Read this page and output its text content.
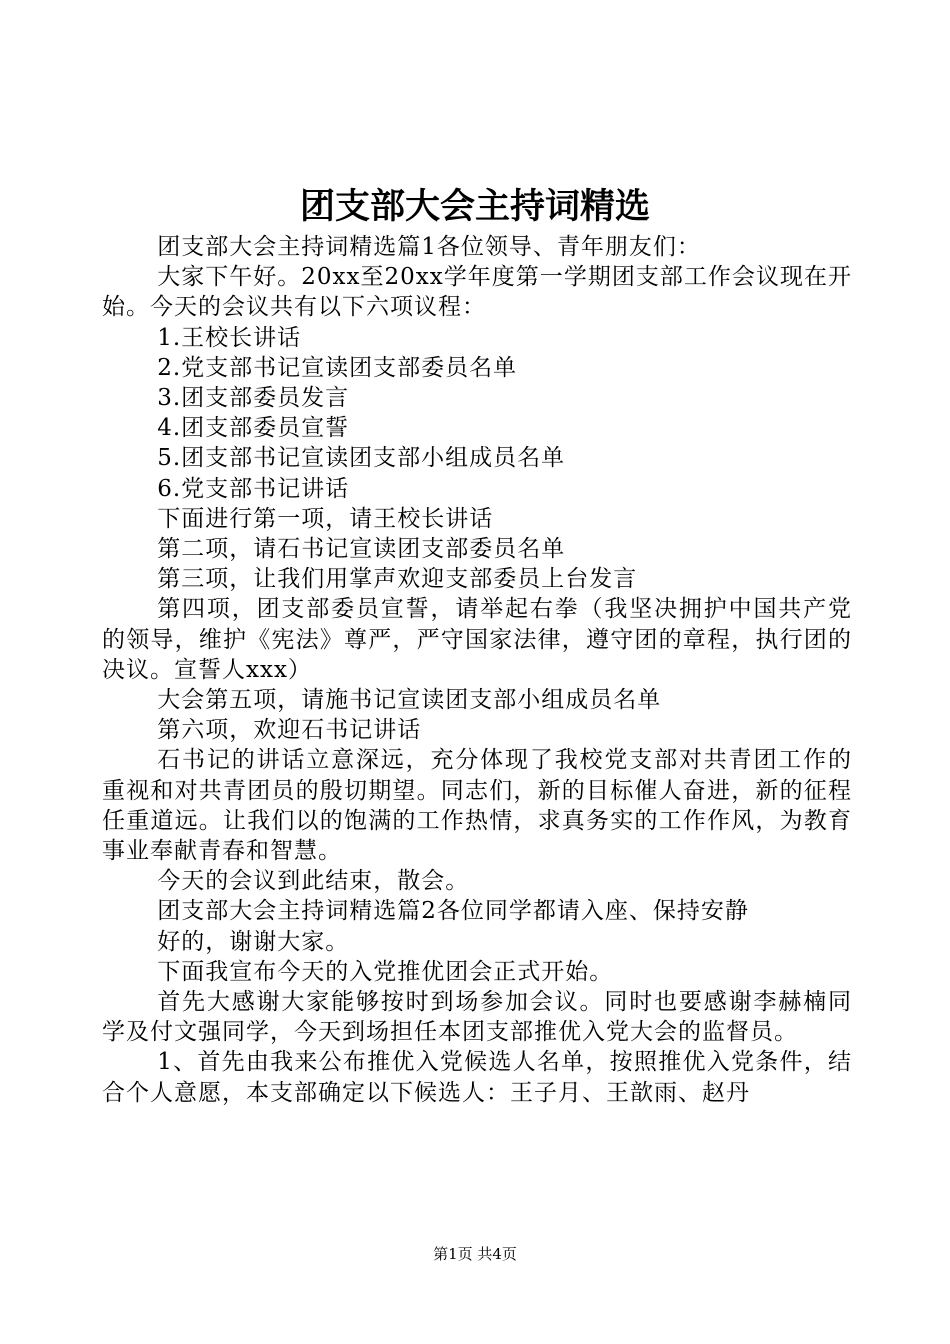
团支部大会主持词精选

团支部大会主持词精选篇1各位领导、青年朋友们：

大家下午好。20xx至20xx学年度第一学期团支部工作会议现在开始。今天的会议共有以下六项议程：

1.王校长讲话

2.党支部书记宣读团支部委员名单

3.团支部委员发言

4.团支部委员宣誓

5.团支部书记宣读团支部小组成员名单

6.党支部书记讲话

下面进行第一项，请王校长讲话

第二项，请石书记宣读团支部委员名单

第三项，让我们用掌声欢迎支部委员上台发言

第四项，团支部委员宣誓，请举起右拳（我坚决拥护中国共产党的领导，维护《宪法》尊严，严守国家法律，遵守团的章程，执行团的决议。宣誓人xxx）

大会第五项，请施书记宣读团支部小组成员名单

第六项，欢迎石书记讲话

石书记的讲话立意深远，充分体现了我校党支部对共青团工作的重视和对共青团员的殷切期望。同志们，新的目标催人奋进，新的征程任重道远。让我们以的饱满的工作热情，求真务实的工作作风，为教育事业奉献青春和智慧。

今天的会议到此结束，散会。

团支部大会主持词精选篇2各位同学都请入座、保持安静

好的，谢谢大家。

下面我宣布今天的入党推优团会正式开始。

首先大感谢大家能够按时到场参加会议。同时也要感谢李赫楠同学及付文强同学，今天到场担任本团支部推优入党大会的监督员。

1、首先由我来公布推优入党候选人名单，按照推优入党条件，结合个人意愿，本支部确定以下候选人：王子月、王歆雨、赵丹

第1页 共4页
